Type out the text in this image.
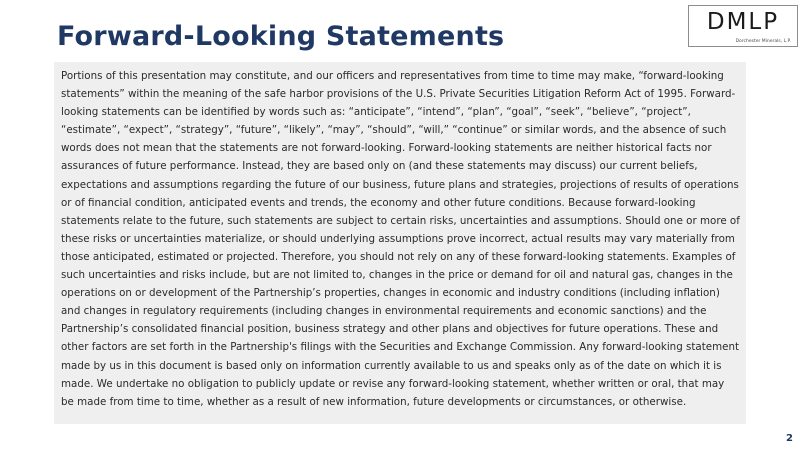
Forward-Looking Statements	DMLP
Dorchester Minerals, L.P.

Portions of this presentation may constitute, and our officers and representatives from time to time may make, “forward-looking statements” within the meaning of the safe harbor provisions of the U.S. Private Securities Litigation Reform Act of 1995. Forward-looking statements can be identified by words such as: “anticipate”, “intend”, “plan”, “goal”, “seek”, “believe”, “project”, “estimate”, “expect”, “strategy”, “future”, “likely”, “may”, “should”, “will,” “continue” or similar words, and the absence of such words does not mean that the statements are not forward-looking. Forward-looking statements are neither historical facts nor assurances of future performance. Instead, they are based only on (and these statements may discuss) our current beliefs, expectations and assumptions regarding the future of our business, future plans and strategies, projections of results of operations or of financial condition, anticipated events and trends, the economy and other future conditions. Because forward-looking statements relate to the future, such statements are subject to certain risks, uncertainties and assumptions. Should one or more of these risks or uncertainties materialize, or should underlying assumptions prove incorrect, actual results may vary materially from those anticipated, estimated or projected. Therefore, you should not rely on any of these forward-looking statements. Examples of such uncertainties and risks include, but are not limited to, changes in the price or demand for oil and natural gas, changes in the operations on or development of the Partnership’s properties, changes in economic and industry conditions (including inflation) and changes in regulatory requirements (including changes in environmental requirements and economic sanctions) and the Partnership’s consolidated financial position, business strategy and other plans and objectives for future operations. These and other factors are set forth in the Partnership's filings with the Securities and Exchange Commission. Any forward-looking statement made by us in this document is based only on information currently available to us and speaks only as of the date on which it is made. We undertake no obligation to publicly update or revise any forward-looking statement, whether written or oral, that may be made from time to time, whether as a result of new information, future developments or circumstances, or otherwise.

2
